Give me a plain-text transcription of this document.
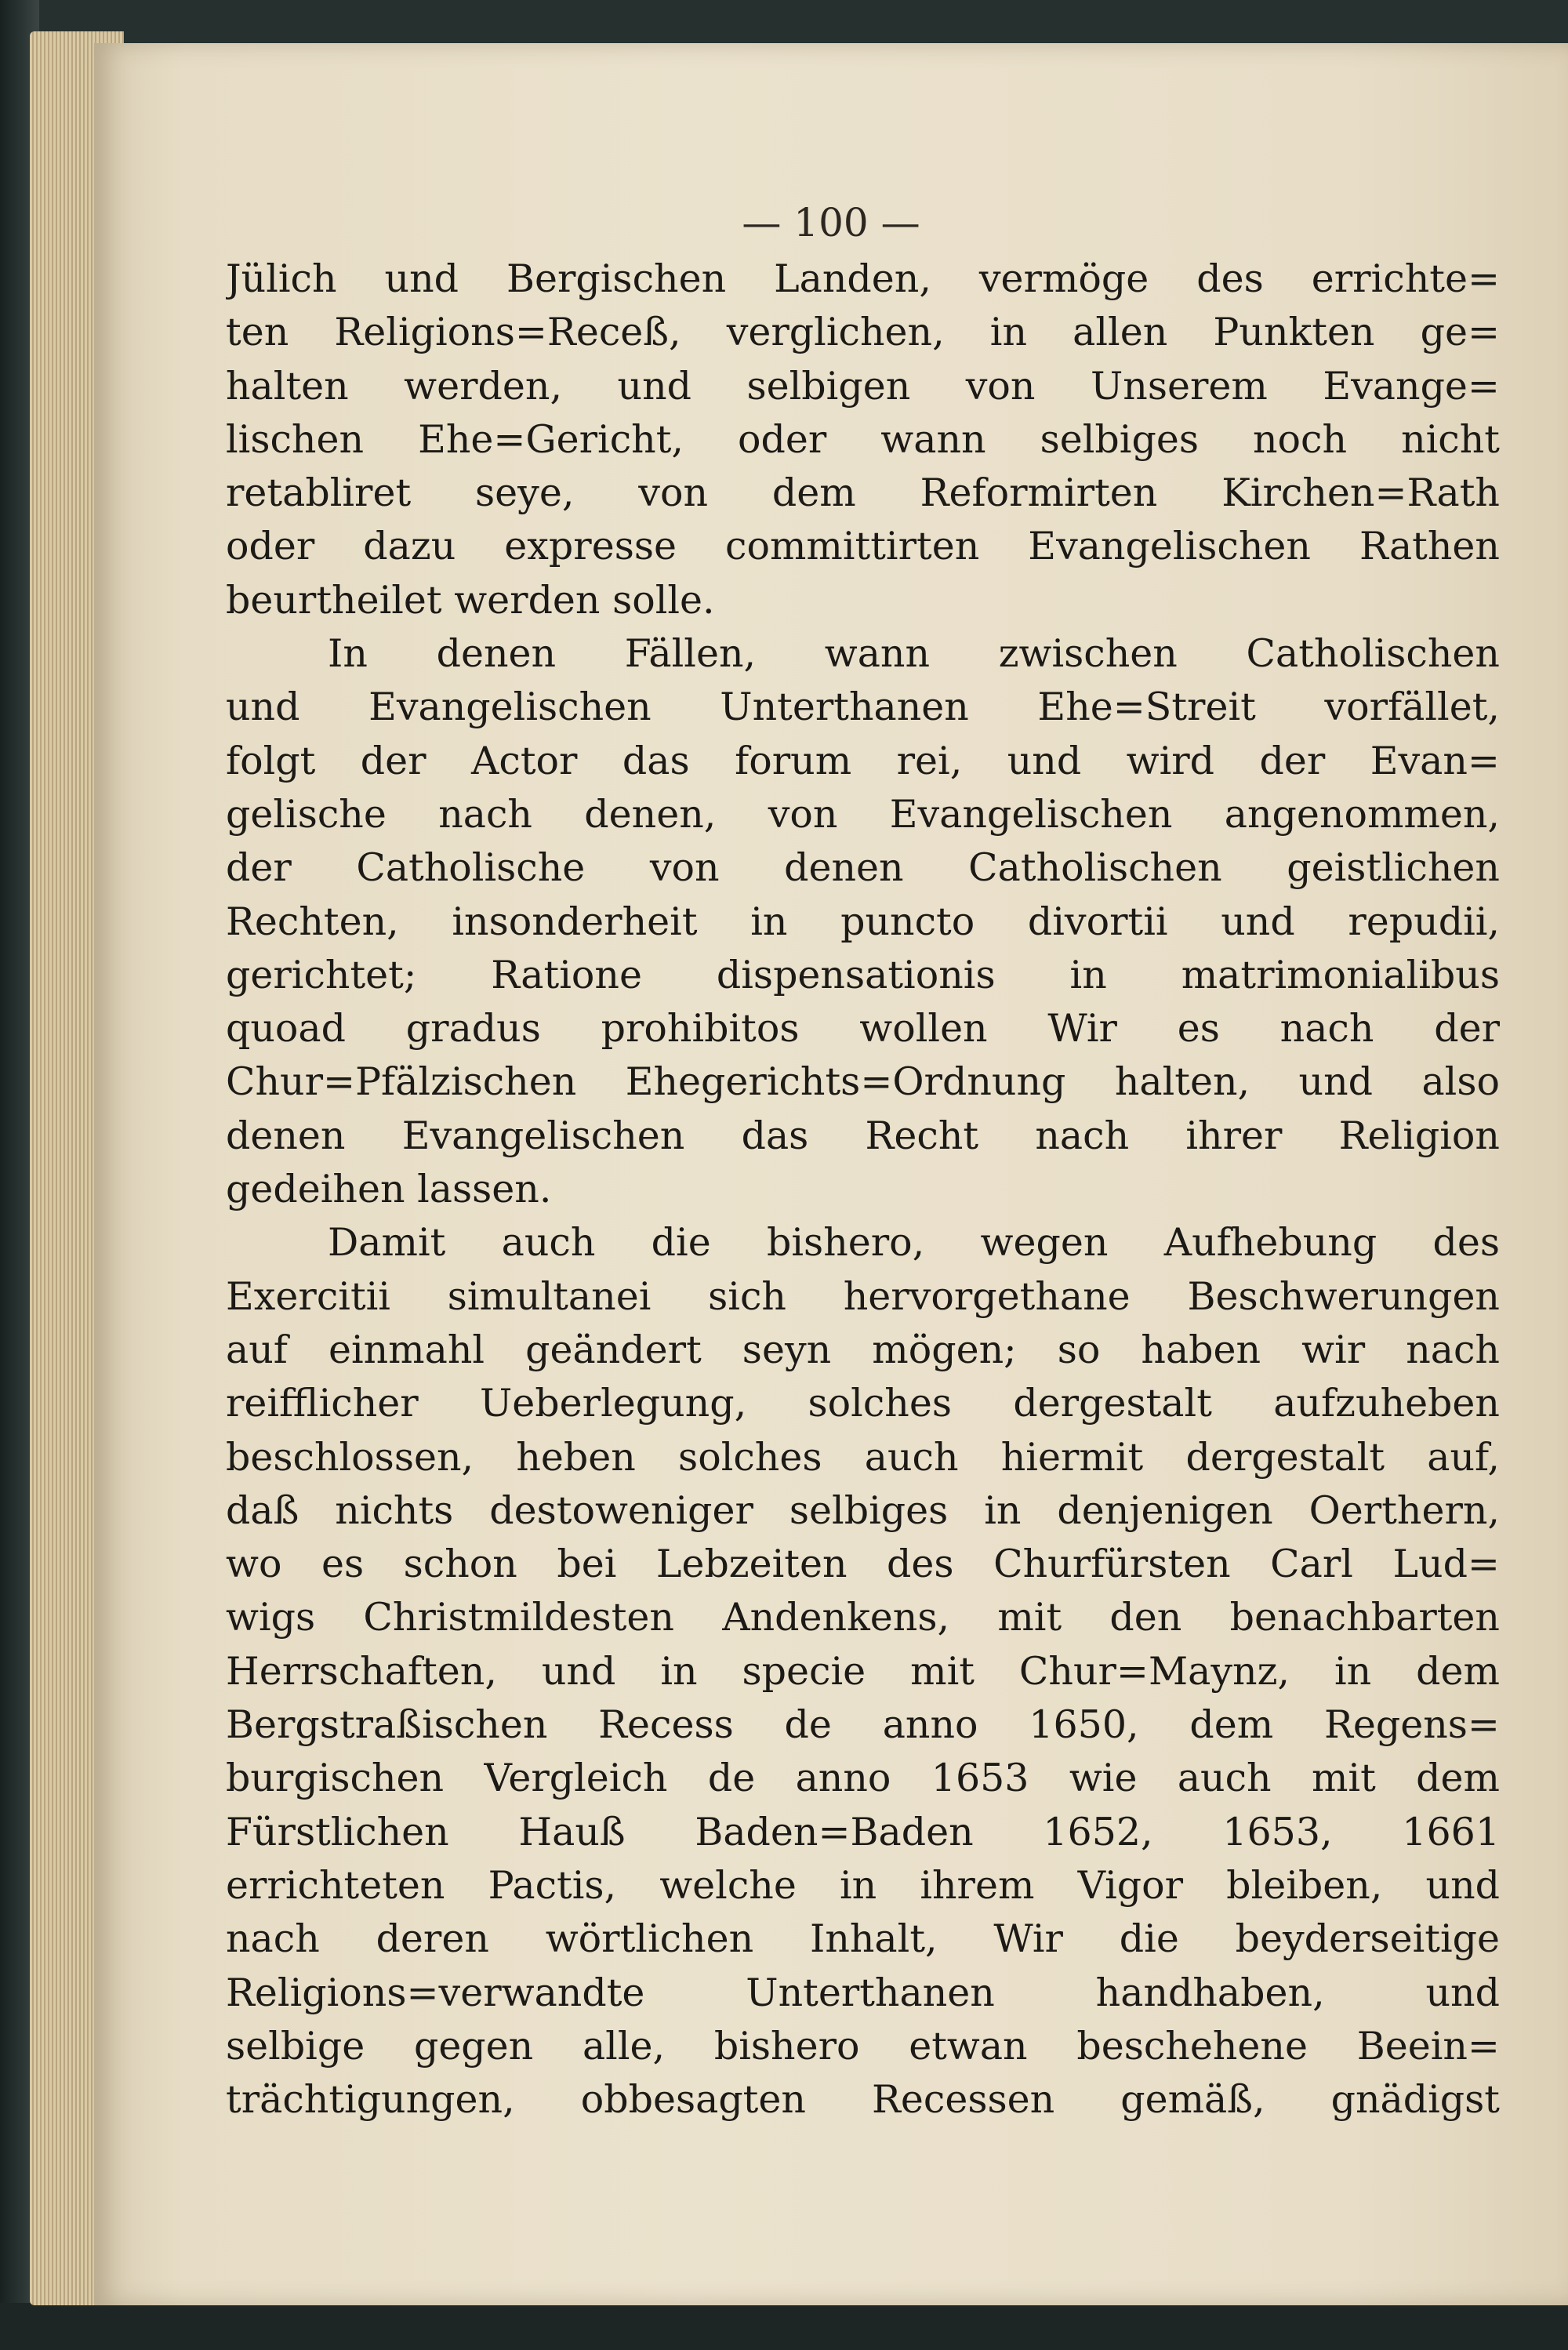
— 100 —
Jülich und Bergischen Landen, vermöge des errichte=
ten Religions=Receß, verglichen, in allen Punkten ge=
halten werden, und selbigen von Unserem Evange=
lischen Ehe=Gericht, oder wann selbiges noch nicht
retabliret seye, von dem Reformirten Kirchen=Rath
oder dazu expresse committirten Evangelischen Rathen
beurtheilet werden solle.
In denen Fällen, wann zwischen Catholischen
und Evangelischen Unterthanen Ehe=Streit vorfället,
folgt der Actor das forum rei, und wird der Evan=
gelische nach denen, von Evangelischen angenommen,
der Catholische von denen Catholischen geistlichen
Rechten, insonderheit in puncto divortii und repudii,
gerichtet; Ratione dispensationis in matrimonialibus
quoad gradus prohibitos wollen Wir es nach der
Chur=Pfälzischen Ehegerichts=Ordnung halten, und also
denen Evangelischen das Recht nach ihrer Religion
gedeihen lassen.
Damit auch die bishero, wegen Aufhebung des
Exercitii simultanei sich hervorgethane Beschwerungen
auf einmahl geändert seyn mögen; so haben wir nach
reifflicher Ueberlegung, solches dergestalt aufzuheben
beschlossen, heben solches auch hiermit dergestalt auf,
daß nichts destoweniger selbiges in denjenigen Oerthern,
wo es schon bei Lebzeiten des Churfürsten Carl Lud=
wigs Christmildesten Andenkens, mit den benachbarten
Herrschaften, und in specie mit Chur=Maynz, in dem
Bergstraßischen Recess de anno 1650, dem Regens=
burgischen Vergleich de anno 1653 wie auch mit dem
Fürstlichen Hauß Baden=Baden 1652, 1653, 1661
errichteten Pactis, welche in ihrem Vigor bleiben, und
nach deren wörtlichen Inhalt, Wir die beyderseitige
Religions=verwandte Unterthanen handhaben, und
selbige gegen alle, bishero etwan beschehene Beein=
trächtigungen, obbesagten Recessen gemäß, gnädigst
